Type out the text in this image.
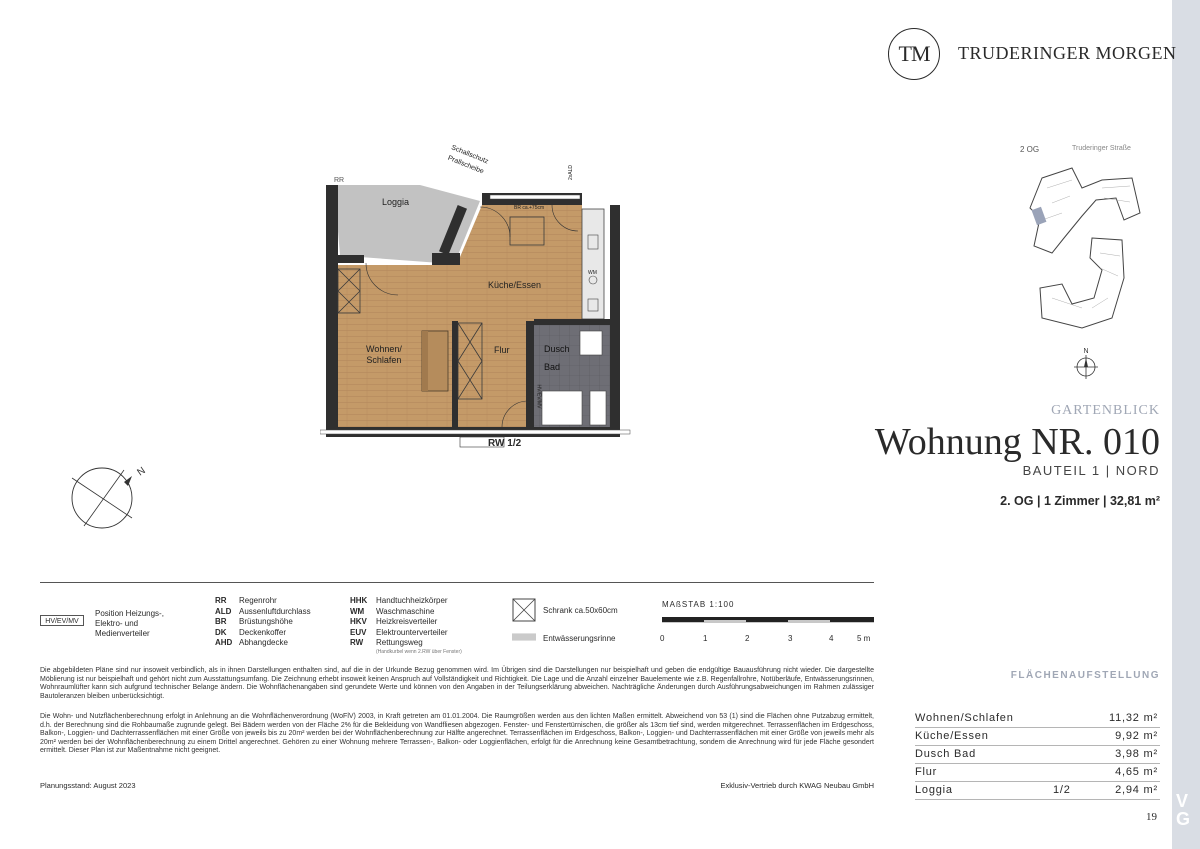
V
G
TM	TRUDERINGER MORGEN
2 OG	Truderinger Straße
N
GARTENBLICK
Wohnung NR. 010
BAUTEIL 1 | NORD
2. OG | 1 Zimmer | 32,81 m²
RR
Schallschutz
Prallscheibe	2xALD
BR ca.+75cm
WM
HV/EV/MV
Loggia
Küche/Essen
Wohnen/
Schlafen
Flur	Dusch
Bad
RW 1/2
N
HV/EV/MV
Position Heizungs-,
Elektro- und
Medienverteiler
RR	Regenrohr
ALD Aussenluftdurchlass
BR	Brüstungshöhe
DK	Deckenkoffer
AHD Abhangdecke
HHK	Handtuchheizkörper
WM	Waschmaschine
HKV	Heizkreisverteiler
EUV	Elektrounterverteiler
RW	Rettungsweg
(Handkurbel wenn 2.RW über Fenster)
Schrank ca.50x60cm
Entwässerungsrinne
MAßSTAB 1:100
0	1	2	3	4	5 m
Die abgebildeten Pläne sind nur insoweit verbindlich, als in ihnen Darstellungen enthalten sind, auf die in der Urkunde Bezug genommen wird. Im Übrigen sind die Darstellungen nur beispielhaft und geben die endgültige Bauausführung nicht wieder. Die dargestellte Möblierung ist nur beispielhaft und gehört nicht zum Ausstattungsumfang. Die Zeichnung erhebt insoweit keinen Anspruch auf Vollständigkeit und Richtigkeit. Die Lage und die Anzahl einzelner Bauelemente wie z.B. Regenfallrohre, Notüberläufe, Entwässerungsrinnen, Wohnraumlüfter kann sich aufgrund technischer Belange ändern. Die Wohnflächenangaben sind gerundete Werte und können von den Angaben in der Teilungserklärung abweichen. Nachträgliche Änderungen durch Ausführungsabweichungen im Rahmen zulässiger Bautoleranzen bleiben unberücksichtigt.
Die Wohn- und Nutzflächenberechnung erfolgt in Anlehnung an die Wohnflächenverordnung (WoFlV) 2003, in Kraft getreten am 01.01.2004. Die Raumgrößen werden aus den lichten Maßen ermittelt. Abweichend von 53 (1) sind die Flächen ohne Putzabzug ermittelt, d.h. der Berechnung sind die Rohbaumaße zugrunde gelegt. Bei Bädern werden von der Fläche 2% für die Bekleidung von Wandfliesen abgezogen. Fenster- und Fenstertürnischen, die größer als 13cm tief sind, werden mitgerechnet. Terrassenflächen im Erdgeschoss, Balkon-, Loggien- und Dachterrassenflächen mit einer Größe von jeweils bis zu 20m² werden bei der Wohnflächenberechnung zur Hälfte angerechnet. Terrassenflächen im Erdgeschoss, Balkon-, Loggien- und Dachterrassenflächen mit einer Größe von jeweils mehr als 20m² werden bei der Wohnflächenberechnung zu einem Drittel angerechnet. Gehören zu einer Wohnung mehrere Terrassen-, Balkon- oder Loggienflächen, erfolgt für die Anrechnung keine Gesamtbetrachtung, sondern die Anrechnung wird für jede Fläche gesondert ermittelt. Dieser Plan ist zur Maßentnahme nicht geeignet.
Planungsstand: August 2023	Exklusiv-Vertrieb durch KWAG Neubau GmbH
FLÄCHENAUFSTELLUNG
Wohnen/Schlafen	11,32 m²
Küche/Essen	9,92 m²
Dusch Bad	3,98 m²
Flur	4,65 m²
Loggia	1/2	2,94 m²
19
